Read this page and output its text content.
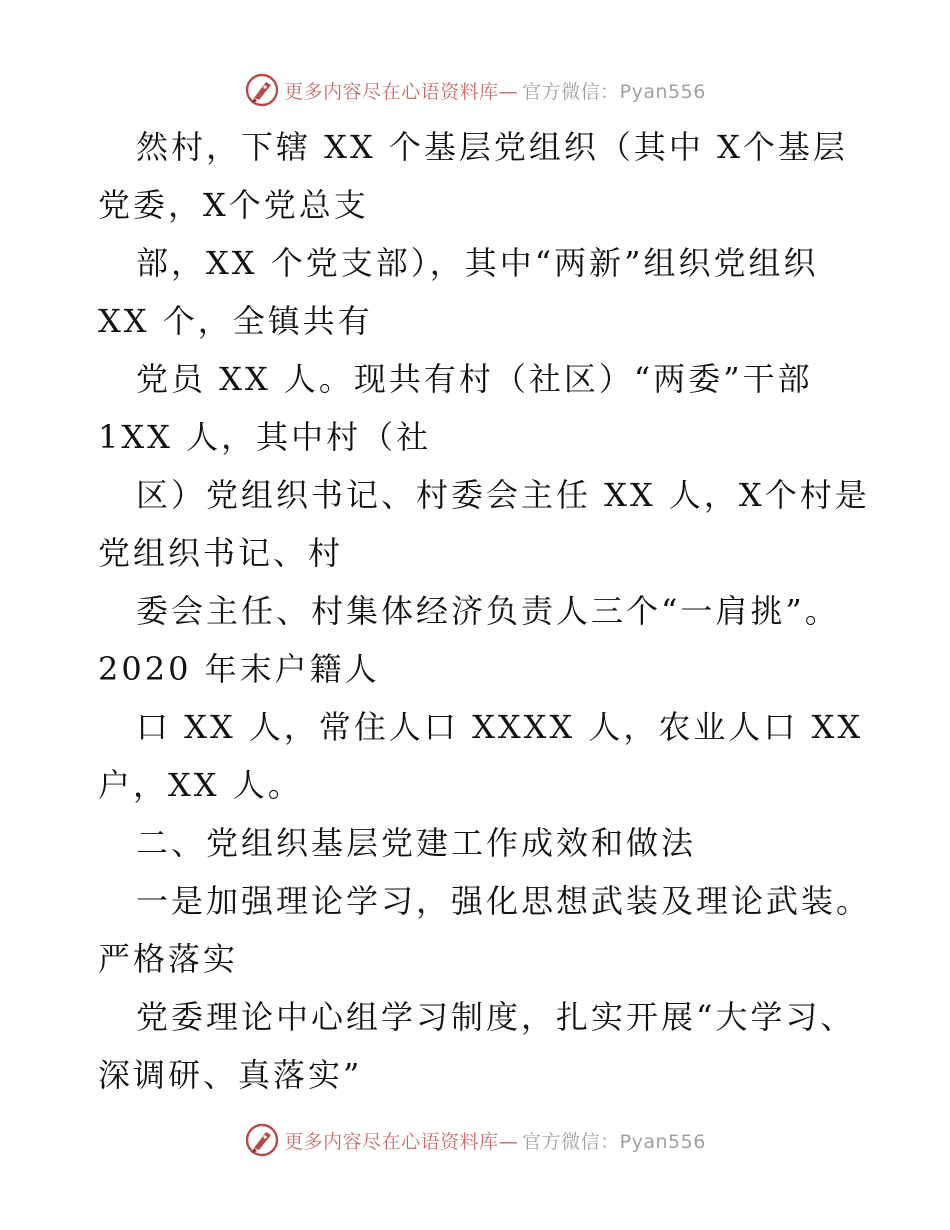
更多内容尽在心语资料库— 官方微信：Pyan556
然村，下辖 XX 个基层党组织（其中 X个基层
党委，X个党总支
部，XX 个党支部），其中“两新”组织党组织
XX 个，全镇共有
党员 XX 人。现共有村（社区）“两委”干部
1XX 人，其中村（社
区）党组织书记、村委会主任 XX 人，X个村是
党组织书记、村
委会主任、村集体经济负责人三个“一肩挑”。
2020 年末户籍人
口 XX 人，常住人口 XXXX 人，农业人口 XX
户，XX 人。
二、党组织基层党建工作成效和做法
一是加强理论学习，强化思想武装及理论武装。
严格落实
党委理论中心组学习制度，扎实开展“大学习、
深调研、真落实”
更多内容尽在心语资料库— 官方微信：Pyan556
